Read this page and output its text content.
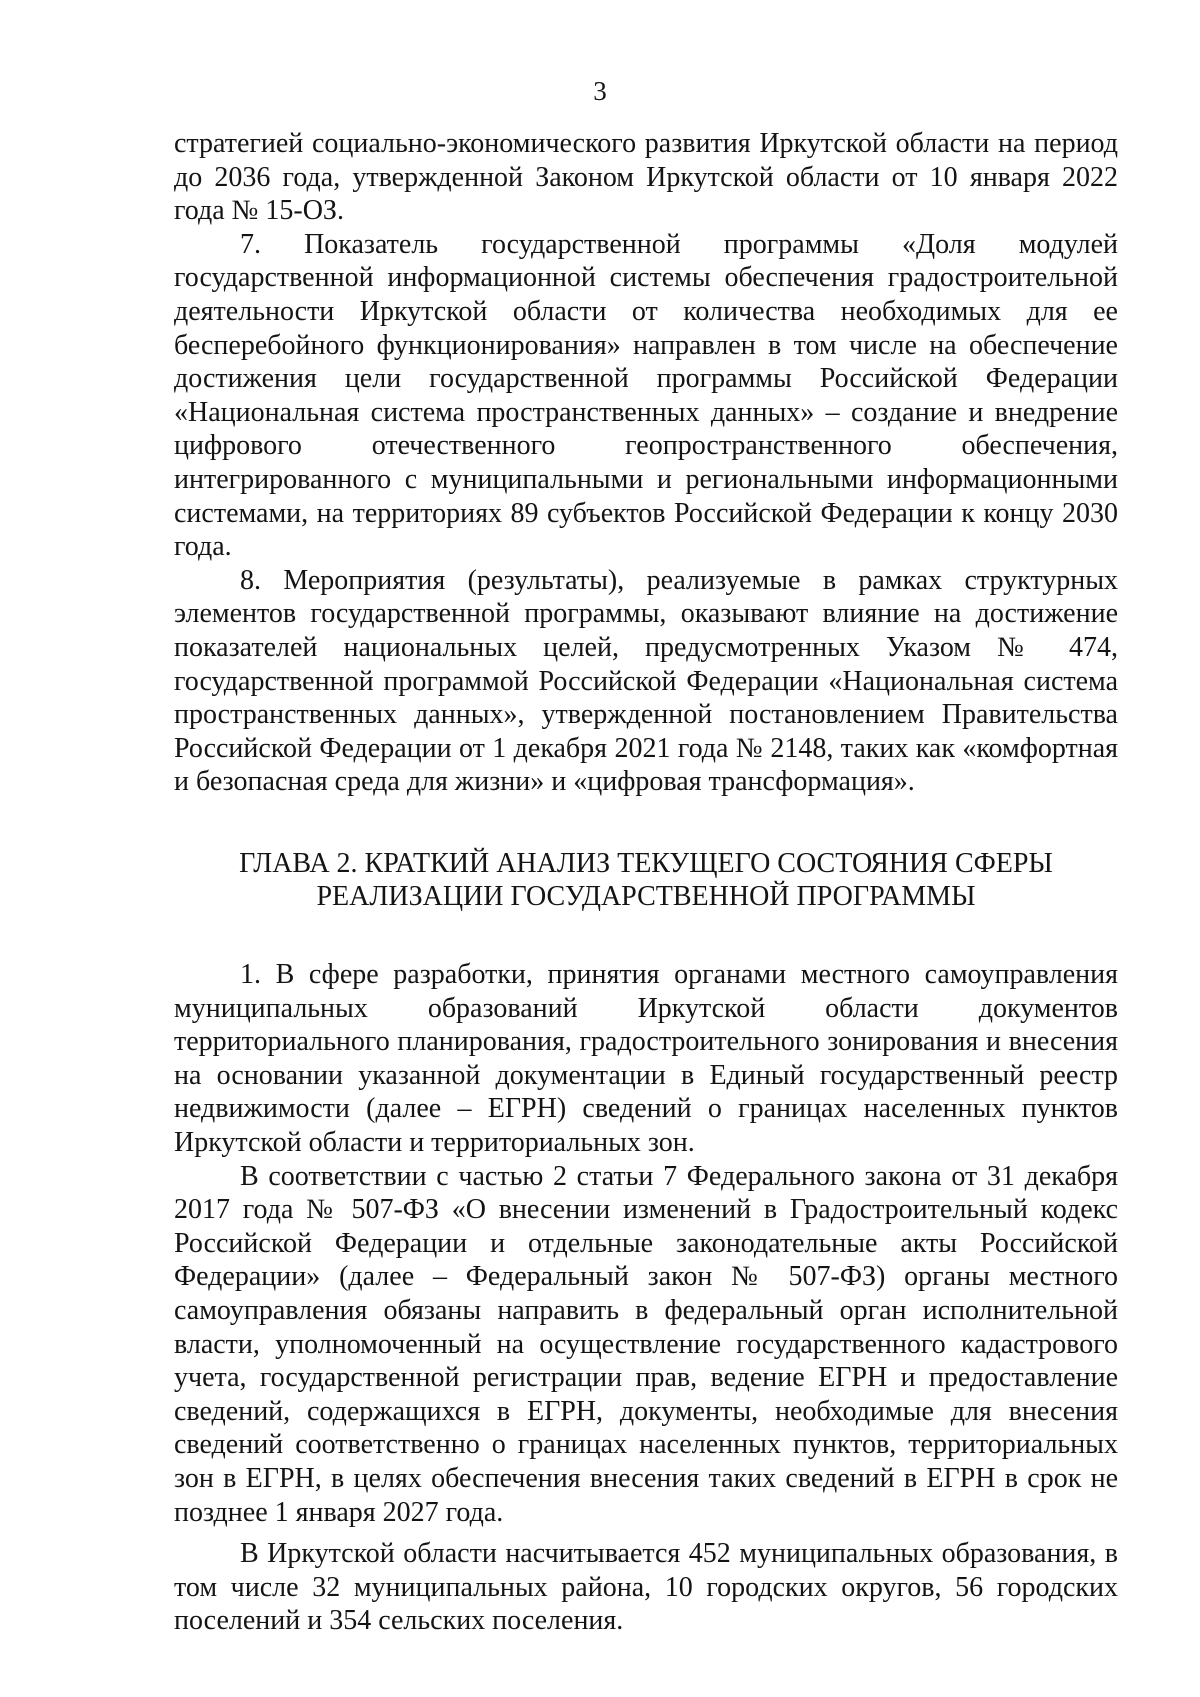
3

стратегией социально-экономического развития Иркутской области на период до 2036 года, утвержденной Законом Иркутской области от 10 января 2022 года № 15-ОЗ.

7. Показатель государственной программы «Доля модулей государственной информационной системы обеспечения градостроительной деятельности Иркутской области от количества необходимых для ее бесперебойного функционирования» направлен в том числе на обеспечение достижения цели государственной программы Российской Федерации «Национальная система пространственных данных» – создание и внедрение цифрового отечественного геопространственного обеспечения, интегрированного с муниципальными и региональными информационными системами, на территориях 89 субъектов Российской Федерации к концу 2030 года.

8. Мероприятия (результаты), реализуемые в рамках структурных элементов государственной программы, оказывают влияние на достижение показателей национальных целей, предусмотренных Указом № 474, государственной программой Российской Федерации «Национальная система пространственных данных», утвержденной постановлением Правительства Российской Федерации от 1 декабря 2021 года № 2148, таких как «комфортная и безопасная среда для жизни» и «цифровая трансформация».

ГЛАВА 2. КРАТКИЙ АНАЛИЗ ТЕКУЩЕГО СОСТОЯНИЯ СФЕРЫ
РЕАЛИЗАЦИИ ГОСУДАРСТВЕННОЙ ПРОГРАММЫ

1. В сфере разработки, принятия органами местного самоуправления муниципальных образований Иркутской области документов территориального планирования, градостроительного зонирования и внесения на основании указанной документации в Единый государственный реестр недвижимости (далее – ЕГРН) сведений о границах населенных пунктов Иркутской области и территориальных зон.

В соответствии с частью 2 статьи 7 Федерального закона от 31 декабря 2017 года № 507-ФЗ «О внесении изменений в Градостроительный кодекс Российской Федерации и отдельные законодательные акты Российской Федерации» (далее – Федеральный закон № 507-ФЗ) органы местного самоуправления обязаны направить в федеральный орган исполнительной власти, уполномоченный на осуществление государственного кадастрового учета, государственной регистрации прав, ведение ЕГРН и предоставление сведений, содержащихся в ЕГРН, документы, необходимые для внесения сведений соответственно о границах населенных пунктов, территориальных зон в ЕГРН, в целях обеспечения внесения таких сведений в ЕГРН в срок не позднее 1 января 2027 года.

В Иркутской области насчитывается 452 муниципальных образования, в том числе 32 муниципальных района, 10 городских округов, 56 городских поселений и 354 сельских поселения.
